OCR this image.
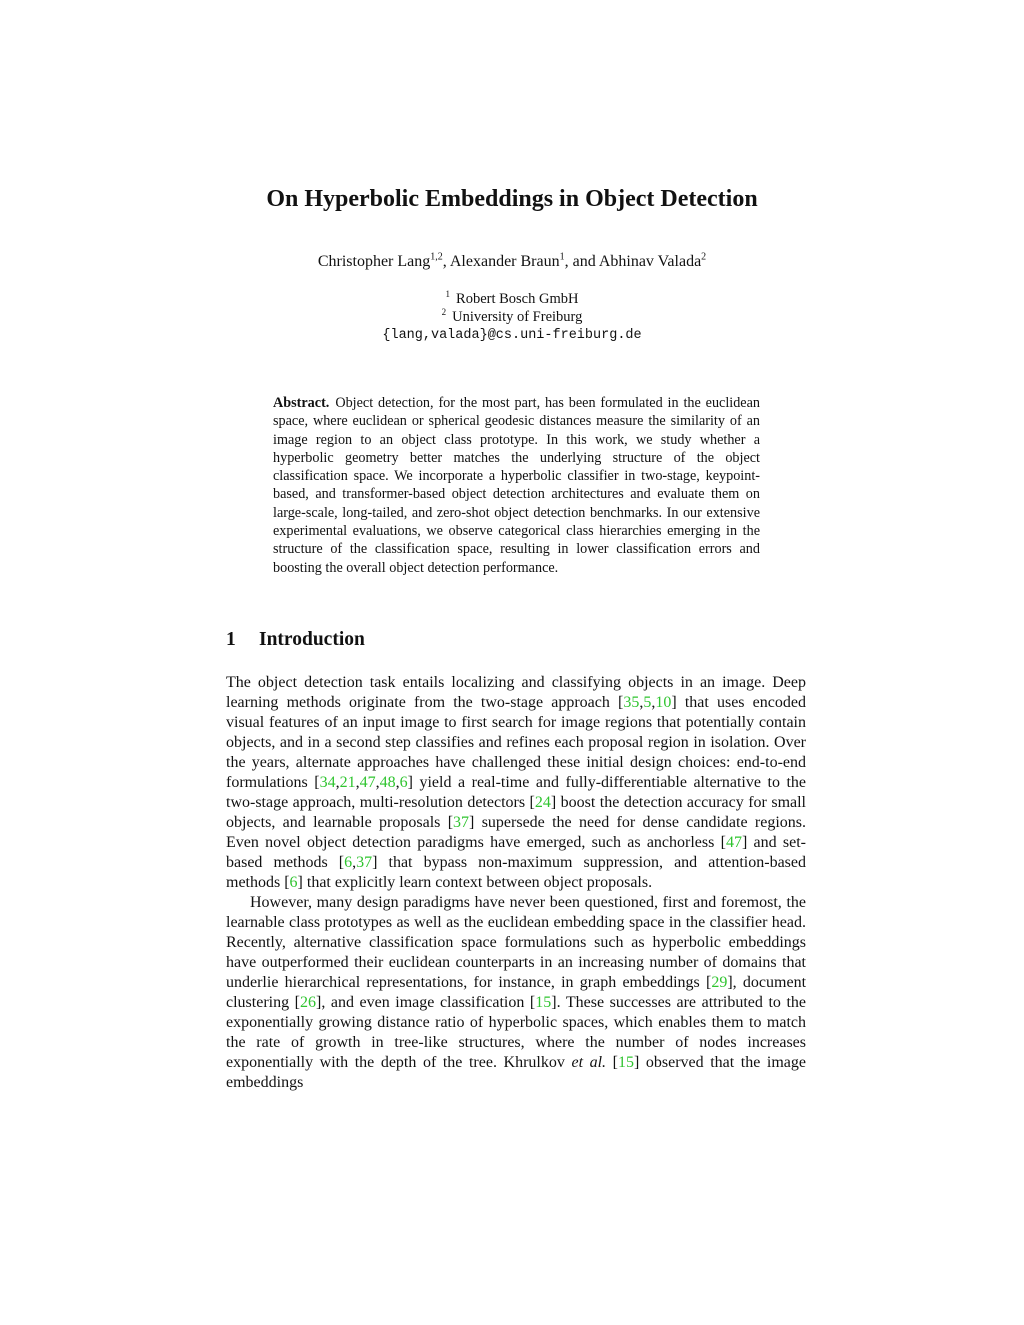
On Hyperbolic Embeddings in Object Detection
Christopher Lang$^{1,2}$, Alexander Braun$^1$, and Abhinav Valada$^2$
$^1$ Robert Bosch GmbH
$^2$ University of Freiburg
{lang,valada}@cs.uni-freiburg.de
Abstract. Object detection, for the most part, has been formulated in the euclidean space, where euclidean or spherical geodesic distances measure the similarity of an image region to an object class prototype. In this work, we study whether a hyperbolic geometry better matches the underlying structure of the object classification space. We incorporate a hyperbolic classifier in two-stage, keypoint-based, and transformer-based object detection architectures and evaluate them on large-scale, long-tailed, and zero-shot object detection benchmarks. In our extensive experimental evaluations, we observe categorical class hierarchies emerging in the structure of the classification space, resulting in lower classification errors and boosting the overall object detection performance.
1 Introduction

The object detection task entails localizing and classifying objects in an image. Deep learning methods originate from the two-stage approach [35,5,10] that uses encoded visual features of an input image to first search for image regions that potentially contain objects, and in a second step classifies and refines each proposal region in isolation. Over the years, alternate approaches have challenged these initial design choices: end-to-end formulations [34,21,47,48,6] yield a real-time and fully-differentiable alternative to the two-stage approach, multi-resolution detectors [24] boost the detection accuracy for small objects, and learnable proposals [37] supersede the need for dense candidate regions. Even novel object detection paradigms have emerged, such as anchorless [47] and set-based methods [6,37] that bypass non-maximum suppression, and attention-based methods [6] that explicitly learn context between object proposals.

However, many design paradigms have never been questioned, first and foremost, the learnable class prototypes as well as the euclidean embedding space in the classifier head. Recently, alternative classification space formulations such as hyperbolic embeddings have outperformed their euclidean counterparts in an increasing number of domains that underlie hierarchical representations, for instance, in graph embeddings [29], document clustering [26], and even image classification [15]. These successes are attributed to the exponentially growing distance ratio of hyperbolic spaces, which enables them to match the rate of growth in tree-like structures, where the number of nodes increases exponentially with the depth of the tree. Khrulkov et al. [15] observed that the image embeddings
